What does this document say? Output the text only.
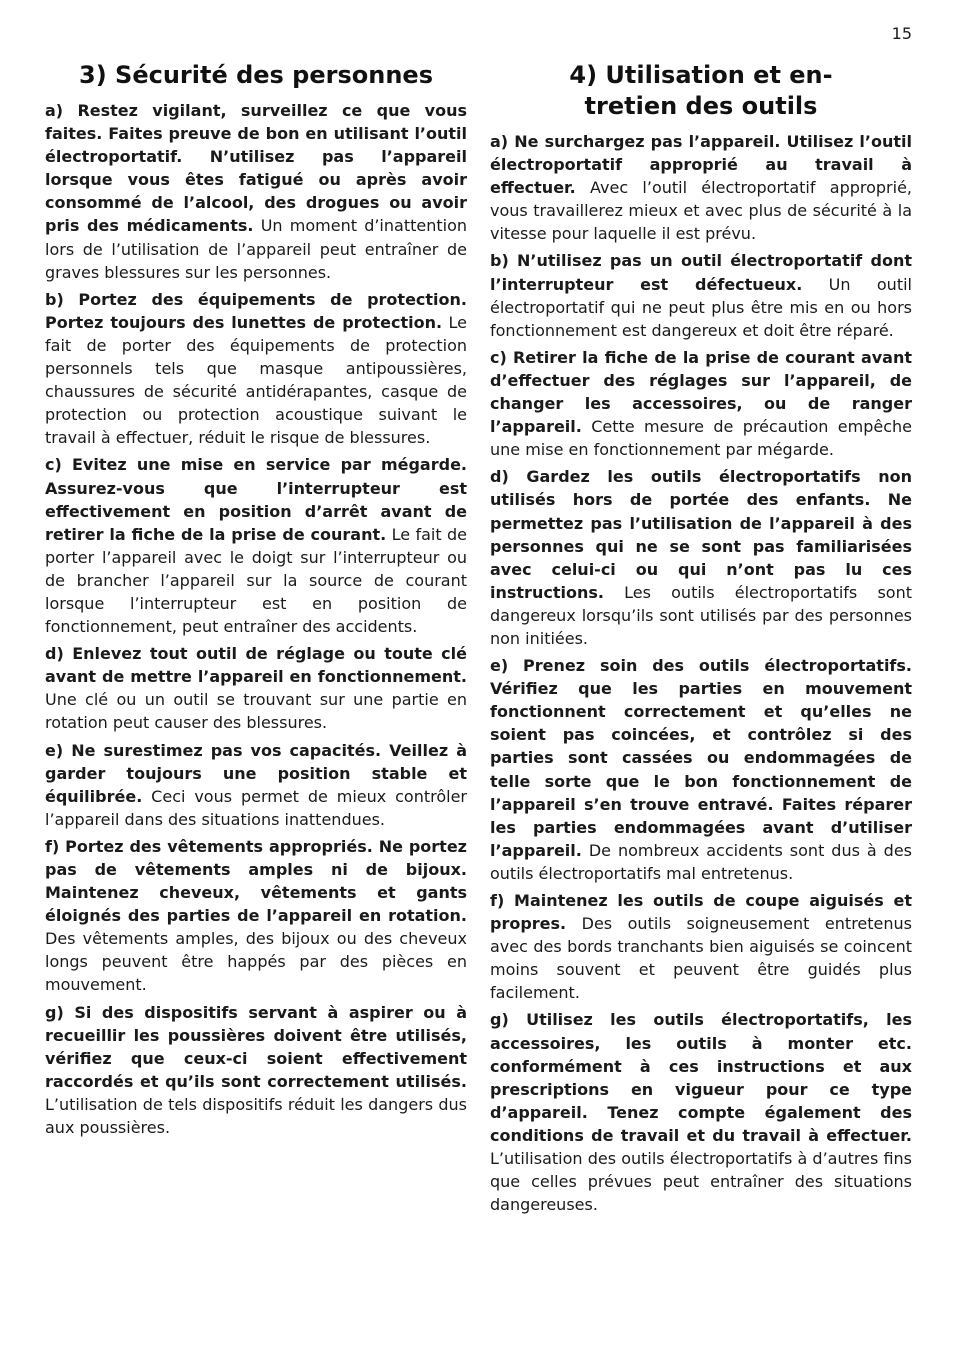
15
3) Sécurité des personnes

a) Restez vigilant, surveillez ce que vous faites. Faites preuve de bon en utilisant l’outil électroportatif. N’utilisez pas l’appareil lorsque vous êtes fatigué ou après avoir consommé de l’alcool, des drogues ou avoir pris des médicaments. Un moment d’inattention lors de l’utilisation de l’appareil peut entraîner de graves blessures sur les personnes.

b) Portez des équipements de protection. Portez toujours des lunettes de protection. Le fait de porter des équipements de protection personnels tels que masque antipoussières, chaussures de sécurité antidérapantes, casque de protection ou protection acoustique suivant le travail à effectuer, réduit le risque de blessures.

c) Evitez une mise en service par mégarde. Assurez-vous que l’interrupteur est effectivement en position d’arrêt avant de retirer la fiche de la prise de courant. Le fait de porter l’appareil avec le doigt sur l’interrupteur ou de brancher l’appareil sur la source de courant lorsque l’interrupteur est en position de fonctionnement, peut entraîner des accidents.

d) Enlevez tout outil de réglage ou toute clé avant de mettre l’appareil en fonctionnement. Une clé ou un outil se trouvant sur une partie en rotation peut causer des blessures.

e) Ne surestimez pas vos capacités. Veillez à garder toujours une position stable et équilibrée. Ceci vous permet de mieux contrôler l’appareil dans des situations inattendues.

f) Portez des vêtements appropriés. Ne portez pas de vêtements amples ni de bijoux. Maintenez cheveux, vêtements et gants éloignés des parties de l’appareil en rotation. Des vêtements amples, des bijoux ou des cheveux longs peuvent être happés par des pièces en mouvement.

g) Si des dispositifs servant à aspirer ou à recueillir les poussières doivent être utilisés, vérifiez que ceux-ci soient effectivement raccordés et qu’ils sont correctement utilisés. L’utilisation de tels dispositifs réduit les dangers dus aux poussières.

4) Utilisation et en-
tretien des outils

a) Ne surchargez pas l’appareil. Utilisez l’outil électroportatif approprié au travail à effectuer. Avec l’outil électroportatif approprié, vous travaillerez mieux et avec plus de sécurité à la vitesse pour laquelle il est prévu.

b) N’utilisez pas un outil électroportatif dont l’interrupteur est défectueux. Un outil électroportatif qui ne peut plus être mis en ou hors fonctionnement est dangereux et doit être réparé.

c) Retirer la fiche de la prise de courant avant d’effectuer des réglages sur l’appareil, de changer les accessoires, ou de ranger l’appareil. Cette mesure de précaution empêche une mise en fonctionnement par mégarde.

d) Gardez les outils électroportatifs non utilisés hors de portée des enfants. Ne permettez pas l’utilisation de l’appareil à des personnes qui ne se sont pas familiarisées avec celui-ci ou qui n’ont pas lu ces instructions. Les outils électroportatifs sont dangereux lorsqu’ils sont utilisés par des personnes non initiées.

e) Prenez soin des outils électroportatifs. Vérifiez que les parties en mouvement fonctionnent correctement et qu’elles ne soient pas coincées, et contrôlez si des parties sont cassées ou endommagées de telle sorte que le bon fonctionnement de l’appareil s’en trouve entravé. Faites réparer les parties endommagées avant d’utiliser l’appareil. De nombreux accidents sont dus à des outils électroportatifs mal entretenus.

f) Maintenez les outils de coupe aiguisés et propres. Des outils soigneusement entretenus avec des bords tranchants bien aiguisés se coincent moins souvent et peuvent être guidés plus facilement.

g) Utilisez les outils électroportatifs, les accessoires, les outils à monter etc. conformément à ces instructions et aux prescriptions en vigueur pour ce type d’appareil. Tenez compte également des conditions de travail et du travail à effectuer. L’utilisation des outils électroportatifs à d’autres fins que celles prévues peut entraîner des situations dangereuses.
